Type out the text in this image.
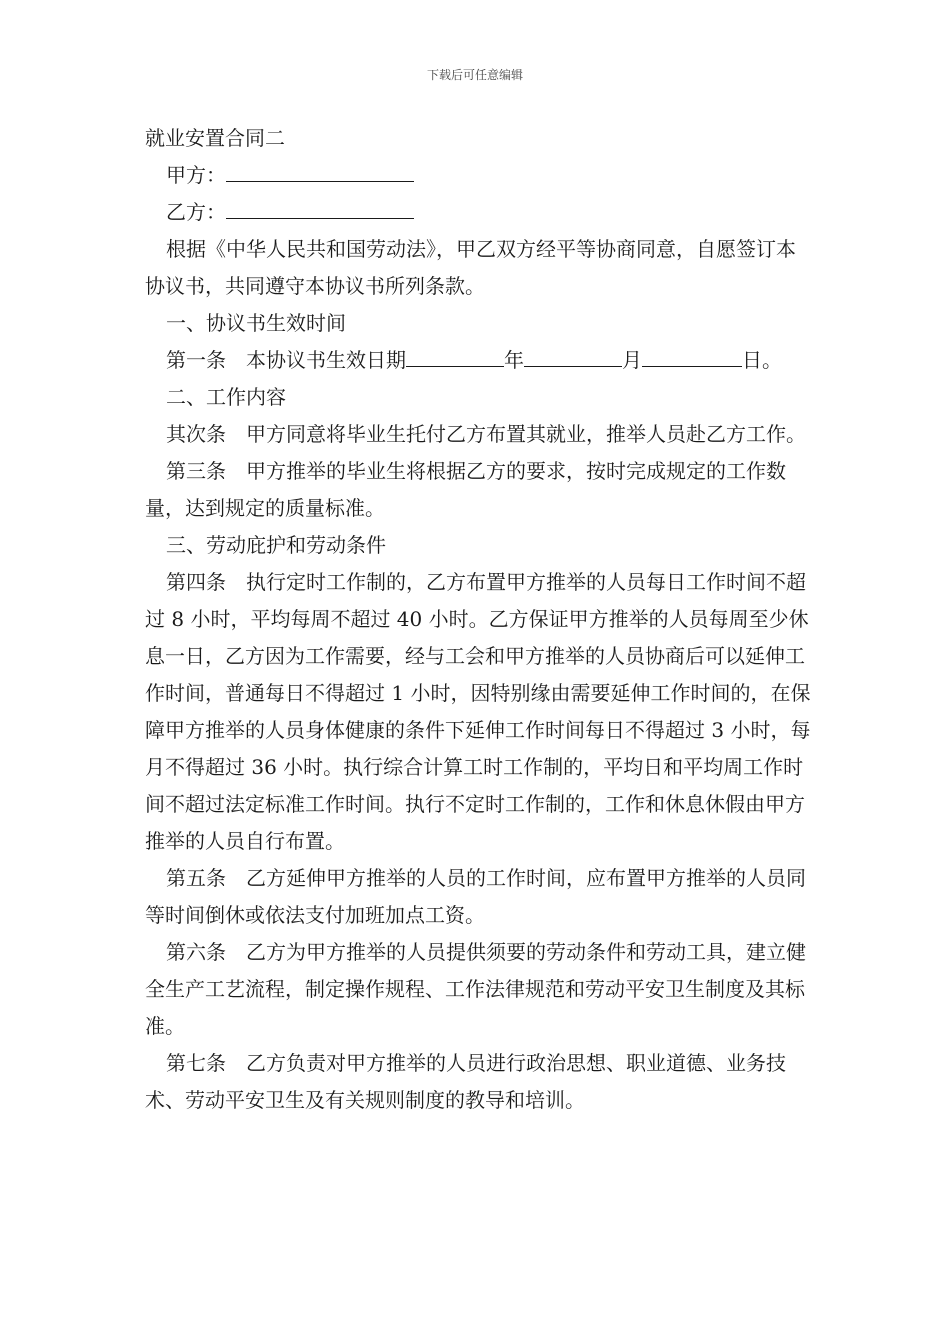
下载后可任意编辑

就业安置合同二

甲方：

乙方：

根据《中华人民共和国劳动法》，甲乙双方经平等协商同意，自愿签订本协议书，共同遵守本协议书所列条款。

一、协议书生效时间

第一条　本协议书生效日期	年	月	日。

二、工作内容

其次条　甲方同意将毕业生托付乙方布置其就业，推举人员赴乙方工作。

第三条　甲方推举的毕业生将根据乙方的要求，按时完成规定的工作数量，达到规定的质量标准。

三、劳动庇护和劳动条件

第四条　执行定时工作制的，乙方布置甲方推举的人员每日工作时间不超过 8 小时，平均每周不超过 40 小时。乙方保证甲方推举的人员每周至少休息一日，乙方因为工作需要，经与工会和甲方推举的人员协商后可以延伸工作时间，普通每日不得超过 1 小时，因特别缘由需要延伸工作时间的，在保障甲方推举的人员身体健康的条件下延伸工作时间每日不得超过 3 小时，每月不得超过 36 小时。执行综合计算工时工作制的，平均日和平均周工作时间不超过法定标准工作时间。执行不定时工作制的，工作和休息休假由甲方推举的人员自行布置。

第五条　乙方延伸甲方推举的人员的工作时间，应布置甲方推举的人员同等时间倒休或依法支付加班加点工资。

第六条　乙方为甲方推举的人员提供须要的劳动条件和劳动工具，建立健全生产工艺流程，制定操作规程、工作法律规范和劳动平安卫生制度及其标准。

第七条　乙方负责对甲方推举的人员进行政治思想、职业道德、业务技术、劳动平安卫生及有关规则制度的教导和培训。
